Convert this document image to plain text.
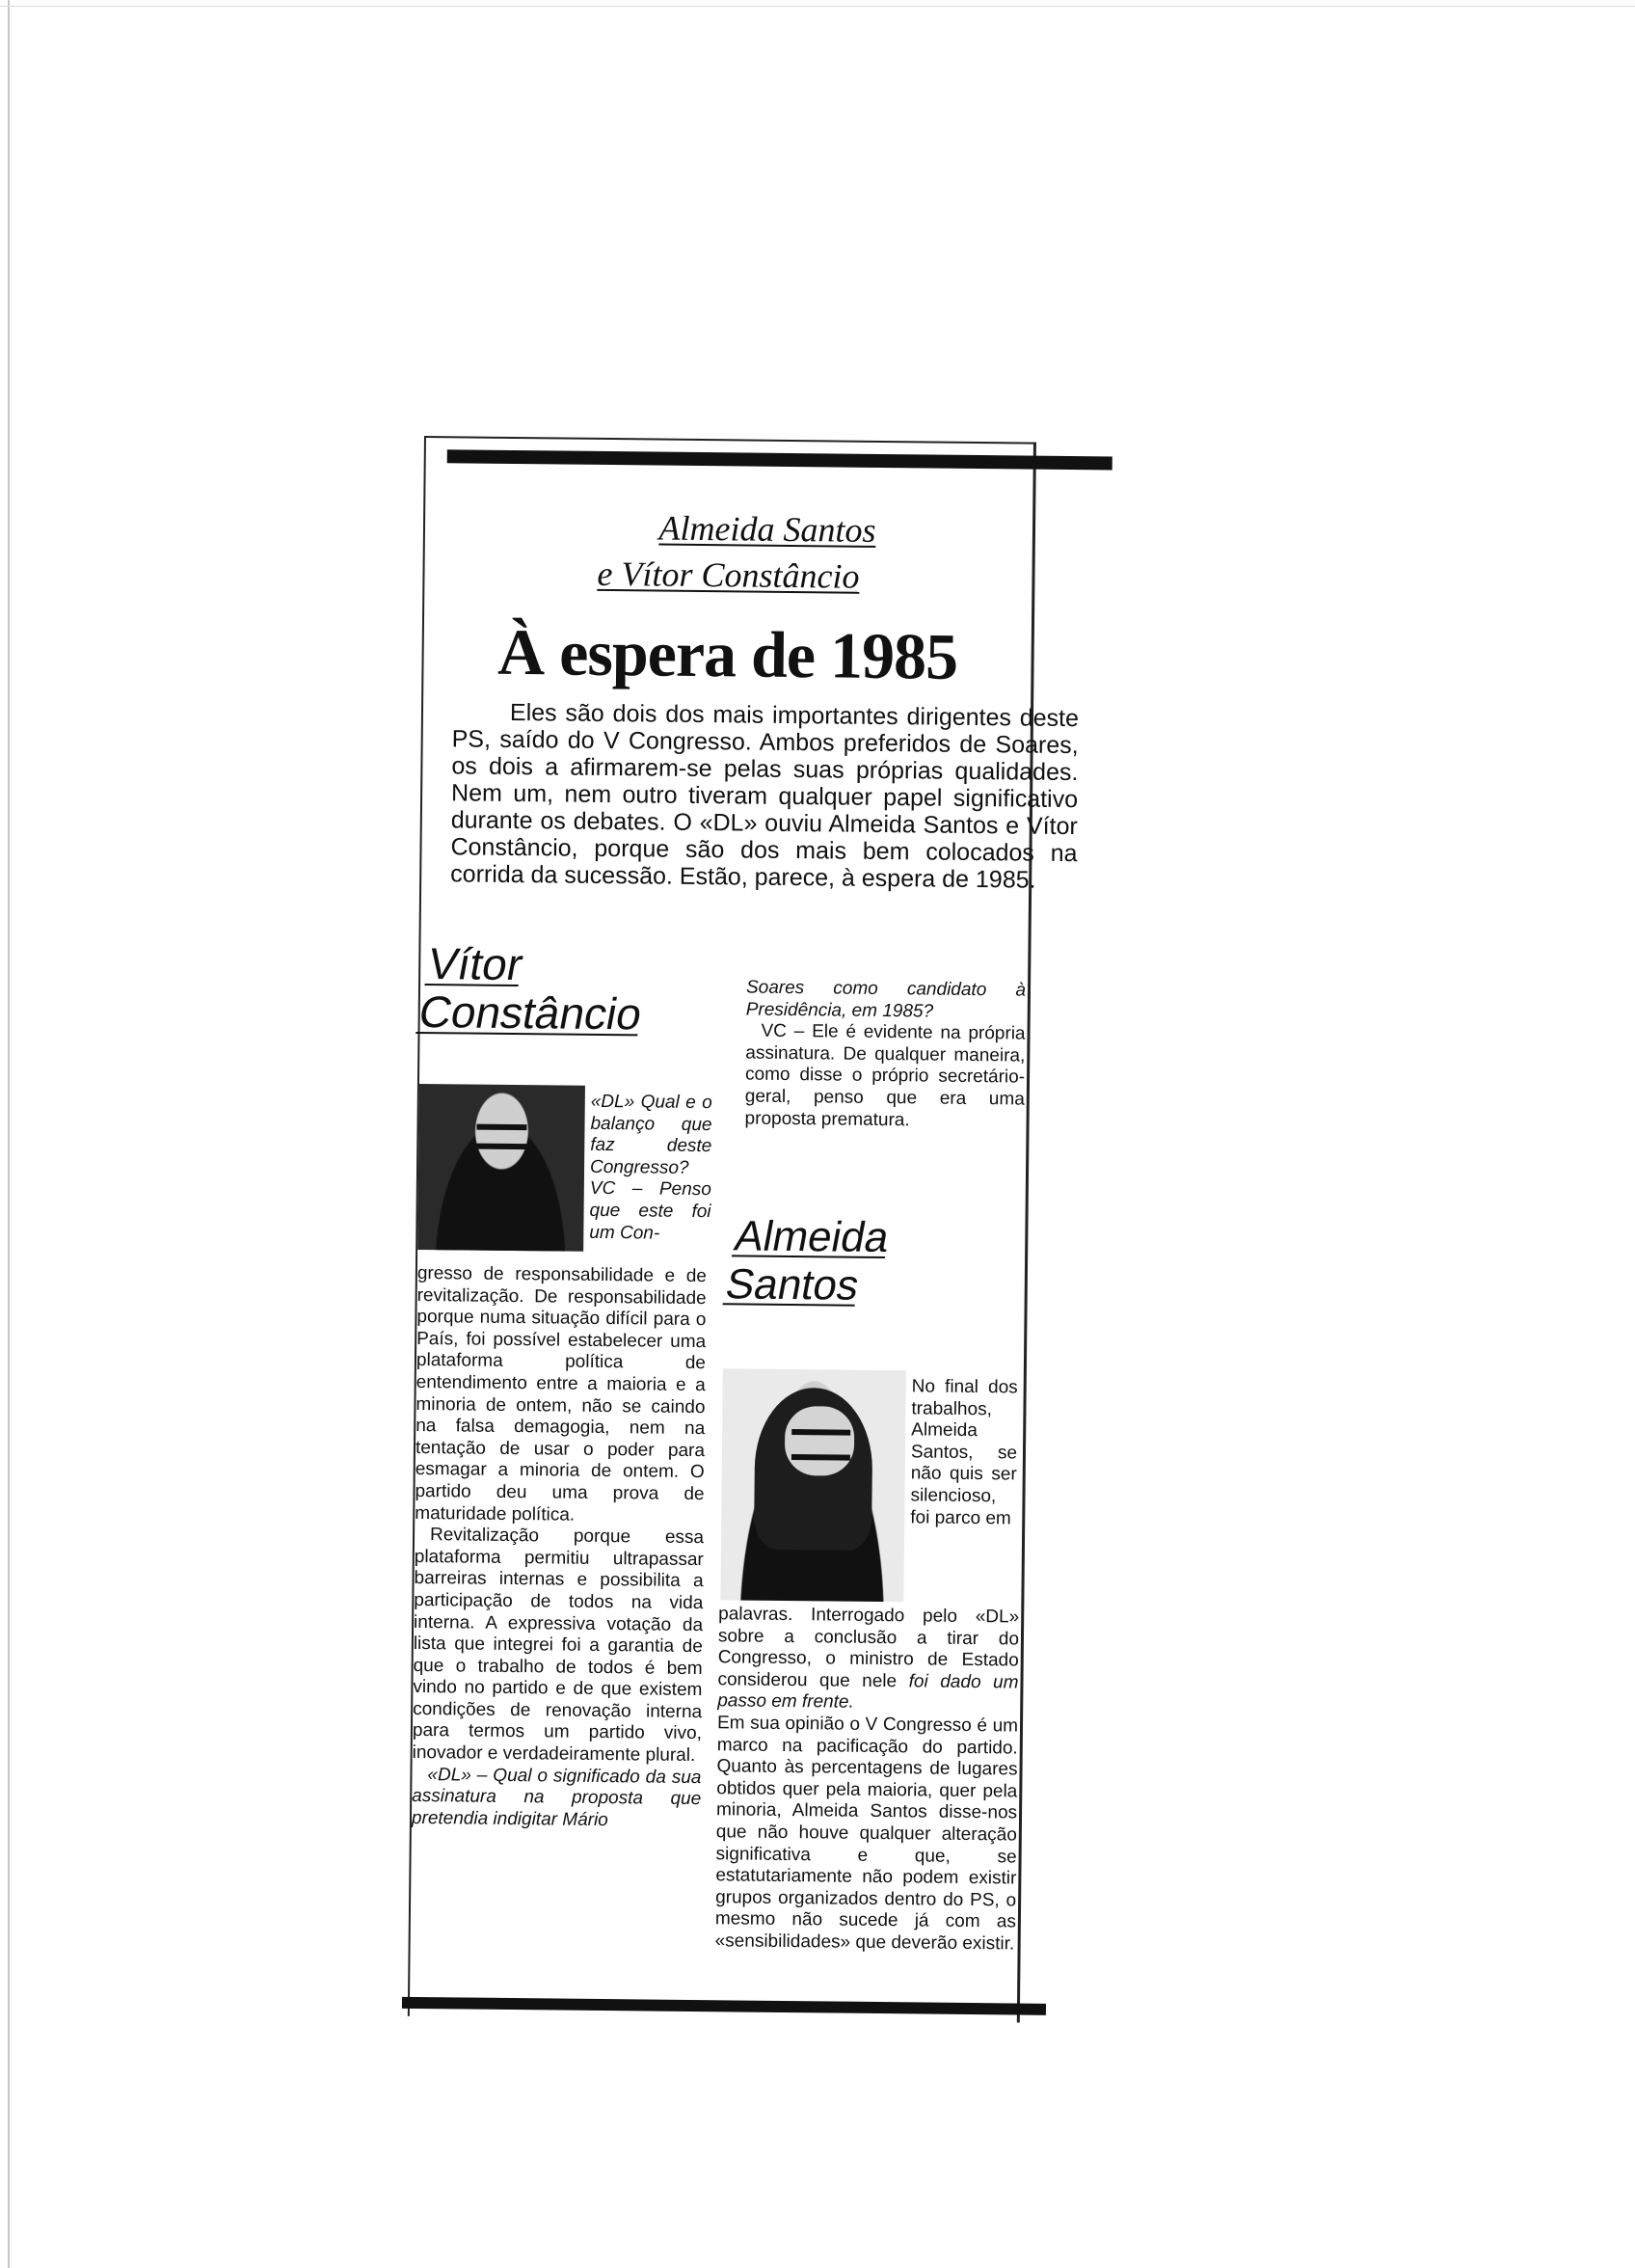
Almeida Santos
e Vítor Constâncio
À espera de 1985
Eles são dois dos mais importantes dirigentes deste PS, saído do V Congresso. Ambos preferidos de Soares, os dois a afirmarem-se pelas suas próprias qualidades. Nem um, nem outro tiveram qualquer papel significativo durante os debates. O «DL» ouviu Almeida Santos e Vítor Constâncio, porque são dos mais bem colocados na corrida da sucessão. Estão, parece, à espera de 1985.
Vítor
Constâncio
«DL» Qual e o balanço que faz deste Congresso? VC – Penso que este foi um Con-

gresso de responsabilidade e de revitalização. De responsabilidade porque numa situação difícil para o País, foi possível estabelecer uma plataforma política de entendimento entre a maioria e a minoria de ontem, não se caindo na falsa demagogia, nem na tentação de usar o poder para esmagar a minoria de ontem. O partido deu uma prova de maturidade política.

Revitalização porque essa plataforma permitiu ultrapassar barreiras internas e possibilita a participação de todos na vida interna. A expressiva votação da lista que integrei foi a garantia de que o trabalho de todos é bem vindo no partido e de que existem condições de renovação interna para termos um partido vivo, inovador e verdadeiramente plural.

«DL» – Qual o significado da sua assinatura na proposta que pretendia indigitar Mário

Soares como candidato à Presidência, em 1985?

VC – Ele é evidente na própria assinatura. De qualquer maneira, como disse o próprio secretário-geral, penso que era uma proposta prematura.

Almeida
Santos
No final dos trabalhos, Almeida Santos, se não quis ser silencioso, foi parco em

palavras. Interrogado pelo «DL» sobre a conclusão a tirar do Congresso, o ministro de Estado considerou que nele foi dado um passo em frente.

Em sua opinião o V Congresso é um marco na pacificação do partido. Quanto às percentagens de lugares obtidos quer pela maioria, quer pela minoria, Almeida Santos disse-nos que não houve qualquer alteração significativa e que, se estatutariamente não podem existir grupos organizados dentro do PS, o mesmo não sucede já com as «sensibilidades» que deverão existir.
